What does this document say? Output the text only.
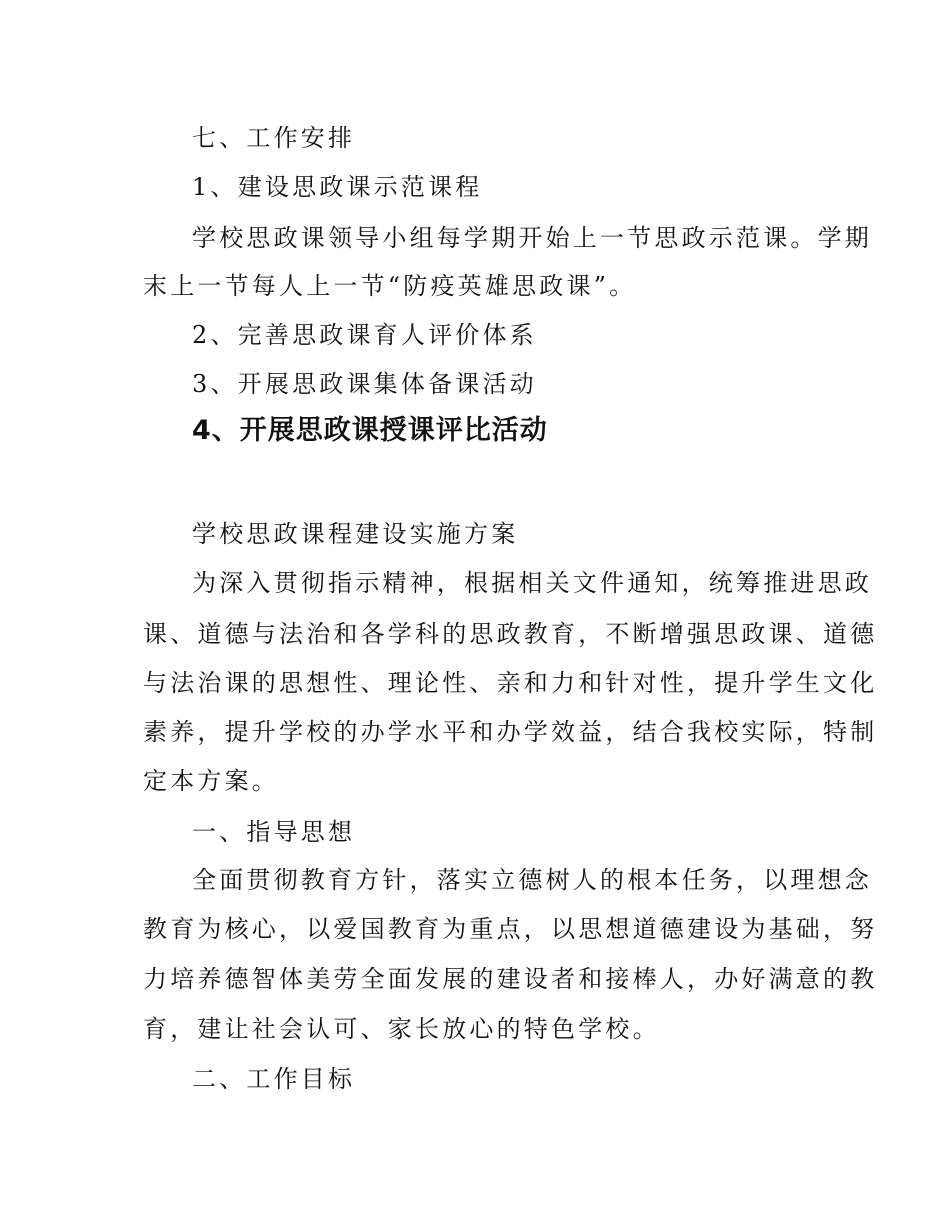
七、工作安排
1、建设思政课示范课程
学校思政课领导小组每学期开始上一节思政示范课。学期
末上一节每人上一节“防疫英雄思政课”。
2、完善思政课育人评价体系
3、开展思政课集体备课活动
4、开展思政课授课评比活动
学校思政课程建设实施方案
为深入贯彻指示精神，根据相关文件通知，统筹推进思政
课、道德与法治和各学科的思政教育，不断增强思政课、道德
与法治课的思想性、理论性、亲和力和针对性，提升学生文化
素养，提升学校的办学水平和办学效益，结合我校实际，特制
定本方案。
一、指导思想
全面贯彻教育方针，落实立德树人的根本任务，以理想念
教育为核心，以爱国教育为重点，以思想道德建设为基础，努
力培养德智体美劳全面发展的建设者和接棒人，办好满意的教
育，建让社会认可、家长放心的特色学校。
二、工作目标
